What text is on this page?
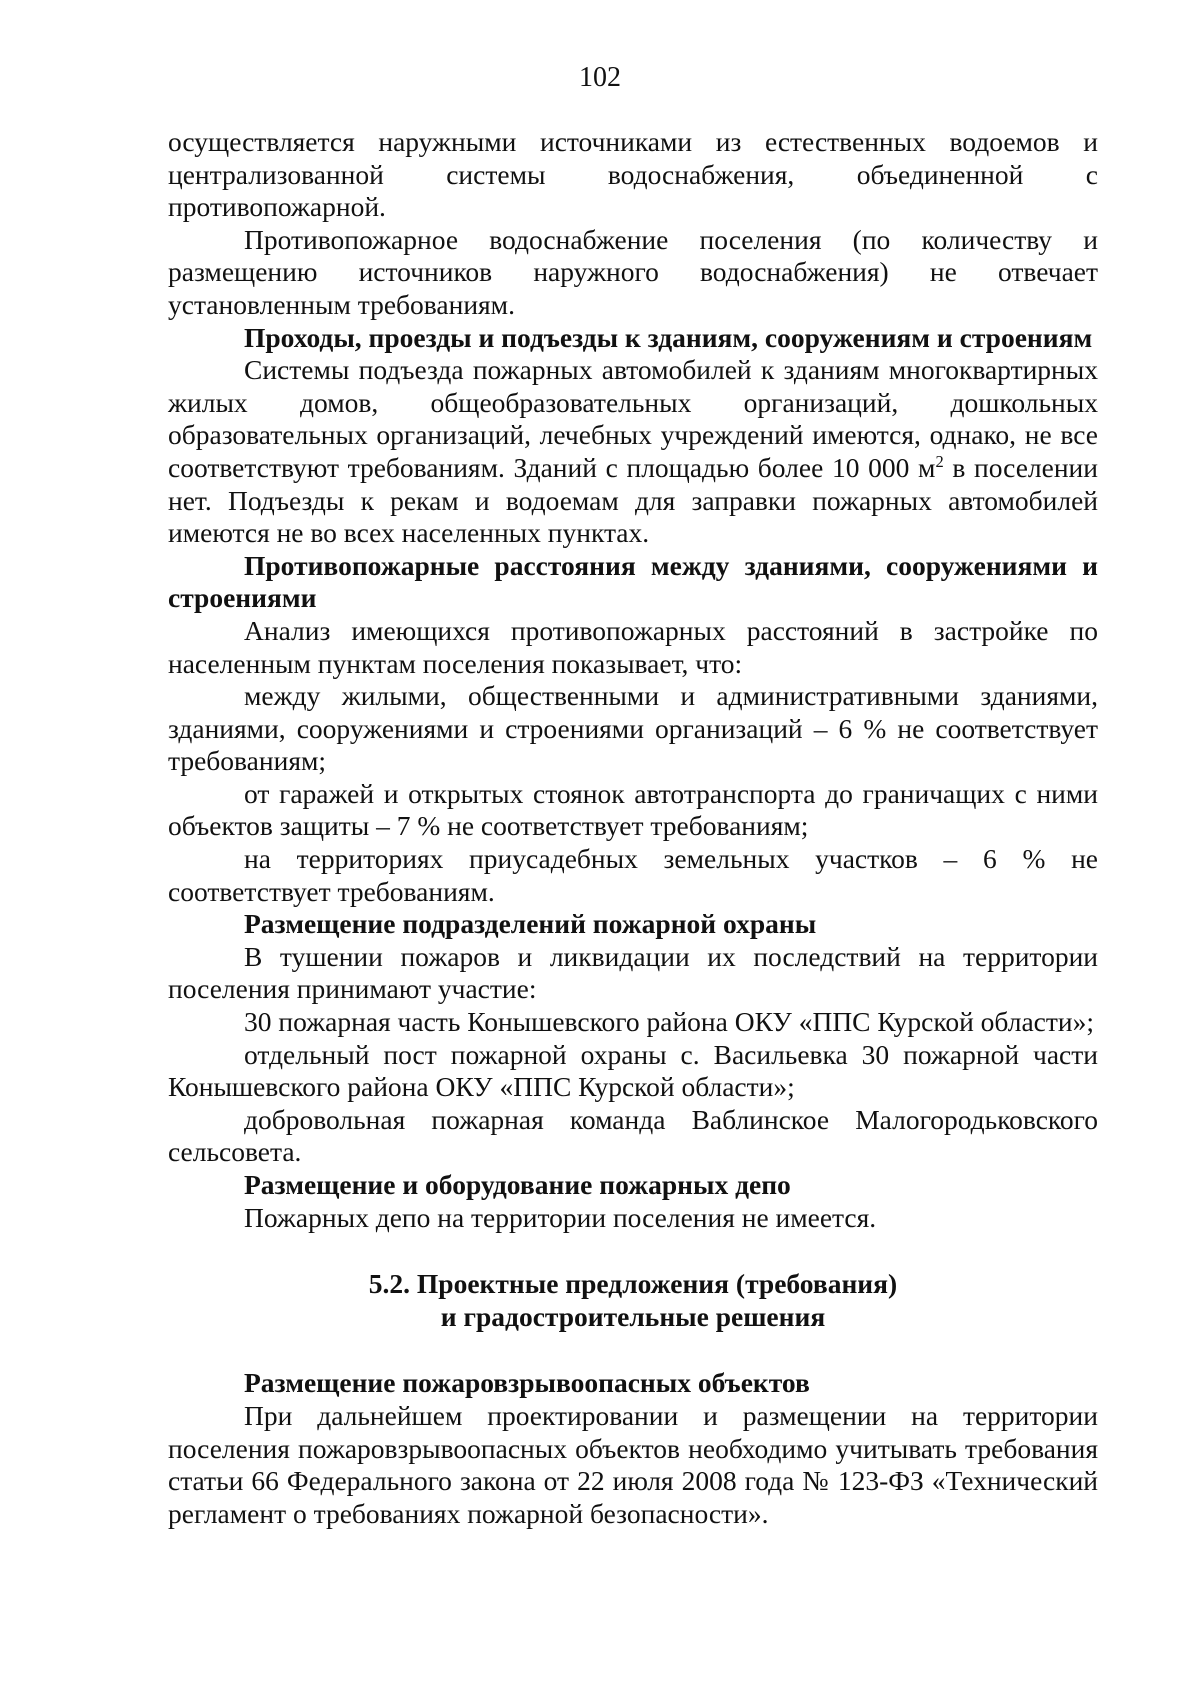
102

осуществляется наружными источниками из естественных водоемов и централизованной системы водоснабжения, объединенной с противопожарной.

Противопожарное водоснабжение поселения (по количеству и размещению источников наружного водоснабжения) не отвечает установленным требованиям.

Проходы, проезды и подъезды к зданиям, сооружениям и строениям

Системы подъезда пожарных автомобилей к зданиям многоквартирных жилых домов, общеобразовательных организаций, дошкольных образовательных организаций, лечебных учреждений имеются, однако, не все соответствуют требованиям. Зданий с площадью более 10 000 $м^2$ в поселении нет. Подъезды к рекам и водоемам для заправки пожарных автомобилей имеются не во всех населенных пунктах.

Противопожарные расстояния между зданиями, сооружениями и строениями

Анализ имеющихся противопожарных расстояний в застройке по населенным пунктам поселения показывает, что:

между жилыми, общественными и административными зданиями, зданиями, сооружениями и строениями организаций – 6 % не соответствует требованиям;

от гаражей и открытых стоянок автотранспорта до граничащих с ними объектов защиты – 7 % не соответствует требованиям;

на территориях приусадебных земельных участков – 6 % не соответствует требованиям.

Размещение подразделений пожарной охраны

В тушении пожаров и ликвидации их последствий на территории поселения принимают участие:

30 пожарная часть Конышевского района ОКУ «ППС Курской области»;

отдельный пост пожарной охраны с. Васильевка 30 пожарной части Конышевского района ОКУ «ППС Курской области»;

добровольная пожарная команда Ваблинское Малогородьковского сельсовета.

Размещение и оборудование пожарных депо

Пожарных депо на территории поселения не имеется.

5.2. Проектные предложения (требования)
и градостроительные решения

Размещение пожаровзрывоопасных объектов

При дальнейшем проектировании и размещении на территории поселения пожаровзрывоопасных объектов необходимо учитывать требования статьи 66 Федерального закона от 22 июля 2008 года № 123-ФЗ «Технический регламент о требованиях пожарной безопасности».
